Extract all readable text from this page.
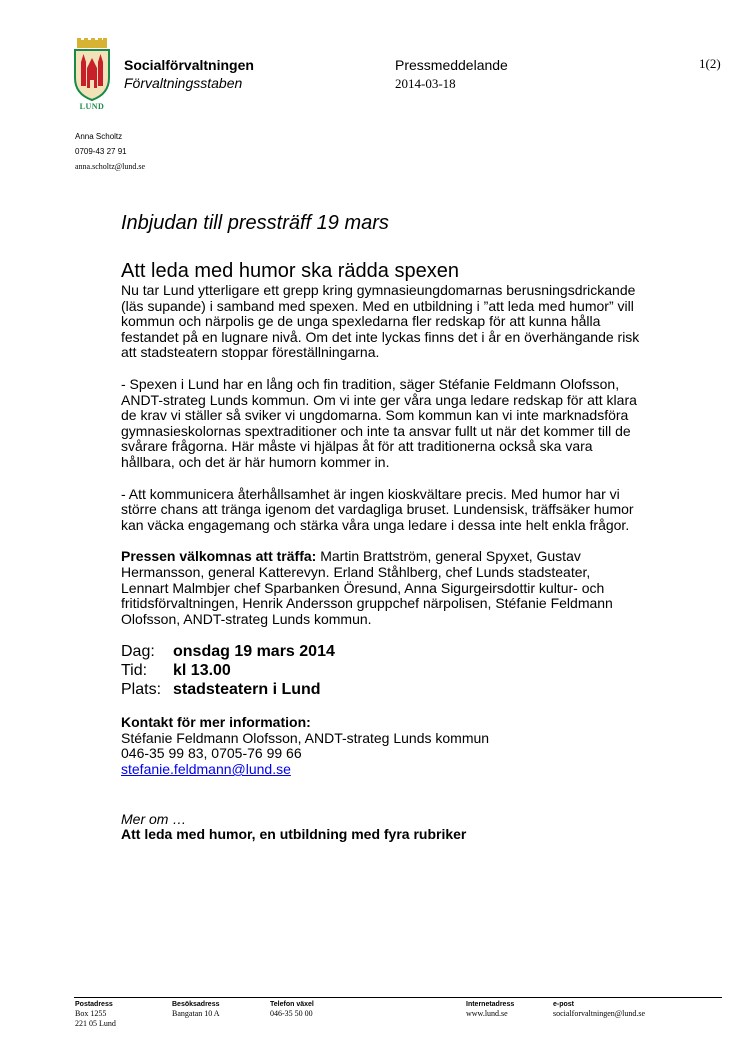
LUND
Socialförvaltningen
Förvaltningsstaben
Pressmeddelande
2014-03-18
1(2)
Anna Scholtz
0709-43 27 91
anna.scholtz@lund.se

Inbjudan till pressträff 19 mars

Att leda med humor ska rädda spexen

Nu tar Lund ytterligare ett grepp kring gymnasieungdomarnas berusningsdrickande (läs supande) i samband med spexen. Med en utbildning i ”att leda med humor” vill kommun och närpolis ge de unga spexledarna fler redskap för att kunna hålla festandet på en lugnare nivå. Om det inte lyckas finns det i år en överhängande risk att stadsteatern stoppar föreställningarna.

- Spexen i Lund har en lång och fin tradition, säger Stéfanie Feldmann Olofsson, ANDT-strateg Lunds kommun. Om vi inte ger våra unga ledare redskap för att klara de krav vi ställer så sviker vi ungdomarna. Som kommun kan vi inte marknadsföra gymnasieskolornas spextraditioner och inte ta ansvar fullt ut när det kommer till de svårare frågorna. Här måste vi hjälpas åt för att traditionerna också ska vara hållbara, och det är här humorn kommer in.

- Att kommunicera återhållsamhet är ingen kioskvältare precis. Med humor har vi större chans att tränga igenom det vardagliga bruset. Lundensisk, träffsäker humor kan väcka engagemang och stärka våra unga ledare i dessa inte helt enkla frågor.

Pressen välkomnas att träffa: Martin Brattström, general Spyxet, Gustav Hermansson, general Katterevyn. Erland Ståhlberg, chef Lunds stadsteater, Lennart Malmbjer chef Sparbanken Öresund, Anna Sigurgeirsdottir kultur- och fritidsförvaltningen, Henrik Andersson gruppchef närpolisen, Stéfanie Feldmann Olofsson, ANDT-strateg Lunds kommun.

Dag: onsdag 19 mars 2014
Tid: kl 13.00
Plats: stadsteatern i Lund
Kontakt för mer information:
Stéfanie Feldmann Olofsson, ANDT-strateg Lunds kommun
046-35 99 83, 0705-76 99 66
stefanie.feldmann@lund.se
Mer om …
Att leda med humor, en utbildning med fyra rubriker
Postadress
Box 1255
221 05 Lund
Besöksadress
Bangatan 10 A
Telefon växel
046-35 50 00
Internetadress
www.lund.se
e-post
socialforvaltningen@lund.se
